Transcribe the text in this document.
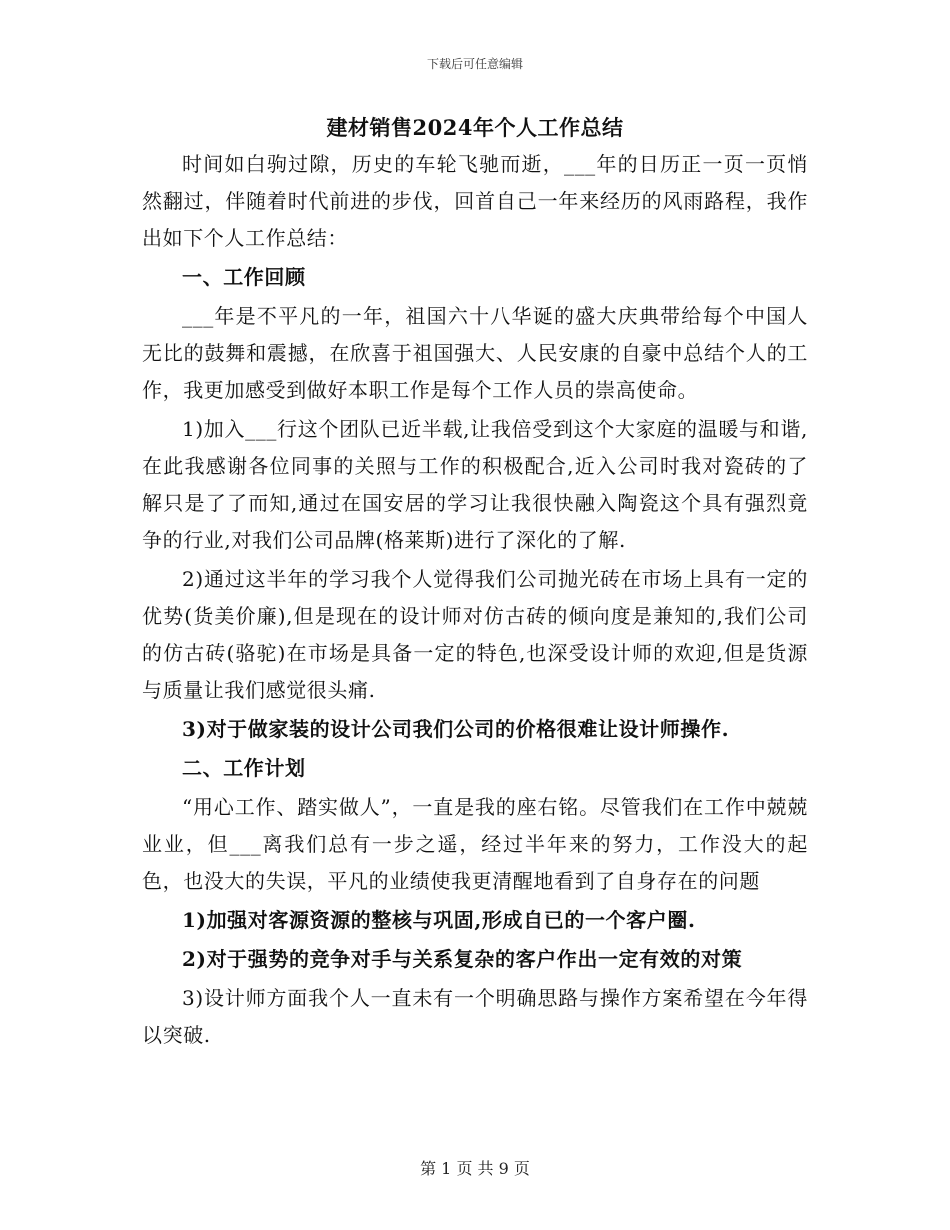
下载后可任意编辑
建材销售2024年个人工作总结

时间如白驹过隙，历史的车轮飞驰而逝，___年的日历正一页一页悄然翻过，伴随着时代前进的步伐，回首自己一年来经历的风雨路程，我作出如下个人工作总结：

一、工作回顾

___年是不平凡的一年，祖国六十八华诞的盛大庆典带给每个中国人无比的鼓舞和震撼，在欣喜于祖国强大、人民安康的自豪中总结个人的工作，我更加感受到做好本职工作是每个工作人员的崇高使命。

1)加入___行这个团队已近半载,让我倍受到这个大家庭的温暖与和谐,在此我感谢各位同事的关照与工作的积极配合,近入公司时我对瓷砖的了解只是了了而知,通过在国安居的学习让我很快融入陶瓷这个具有强烈竟争的行业,对我们公司品牌(格莱斯)进行了深化的了解.

2)通过这半年的学习我个人觉得我们公司抛光砖在市场上具有一定的优势(货美价廉),但是现在的设计师对仿古砖的倾向度是兼知的,我们公司的仿古砖(骆驼)在市场是具备一定的特色,也深受设计师的欢迎,但是货源与质量让我们感觉很头痛.

3)对于做家装的设计公司我们公司的价格很难让设计师操作.

二、工作计划

“用心工作、踏实做人”，一直是我的座右铭。尽管我们在工作中兢兢业业，但___离我们总有一步之遥，经过半年来的努力，工作没大的起色，也没大的失误，平凡的业绩使我更清醒地看到了自身存在的问题

1)加强对客源资源的整核与巩固,形成自已的一个客户圈.

2)对于强势的竞争对手与关系复杂的客户作出一定有效的对策

3)设计师方面我个人一直未有一个明确思路与操作方案希望在今年得以突破.

第 1 页 共 9 页
